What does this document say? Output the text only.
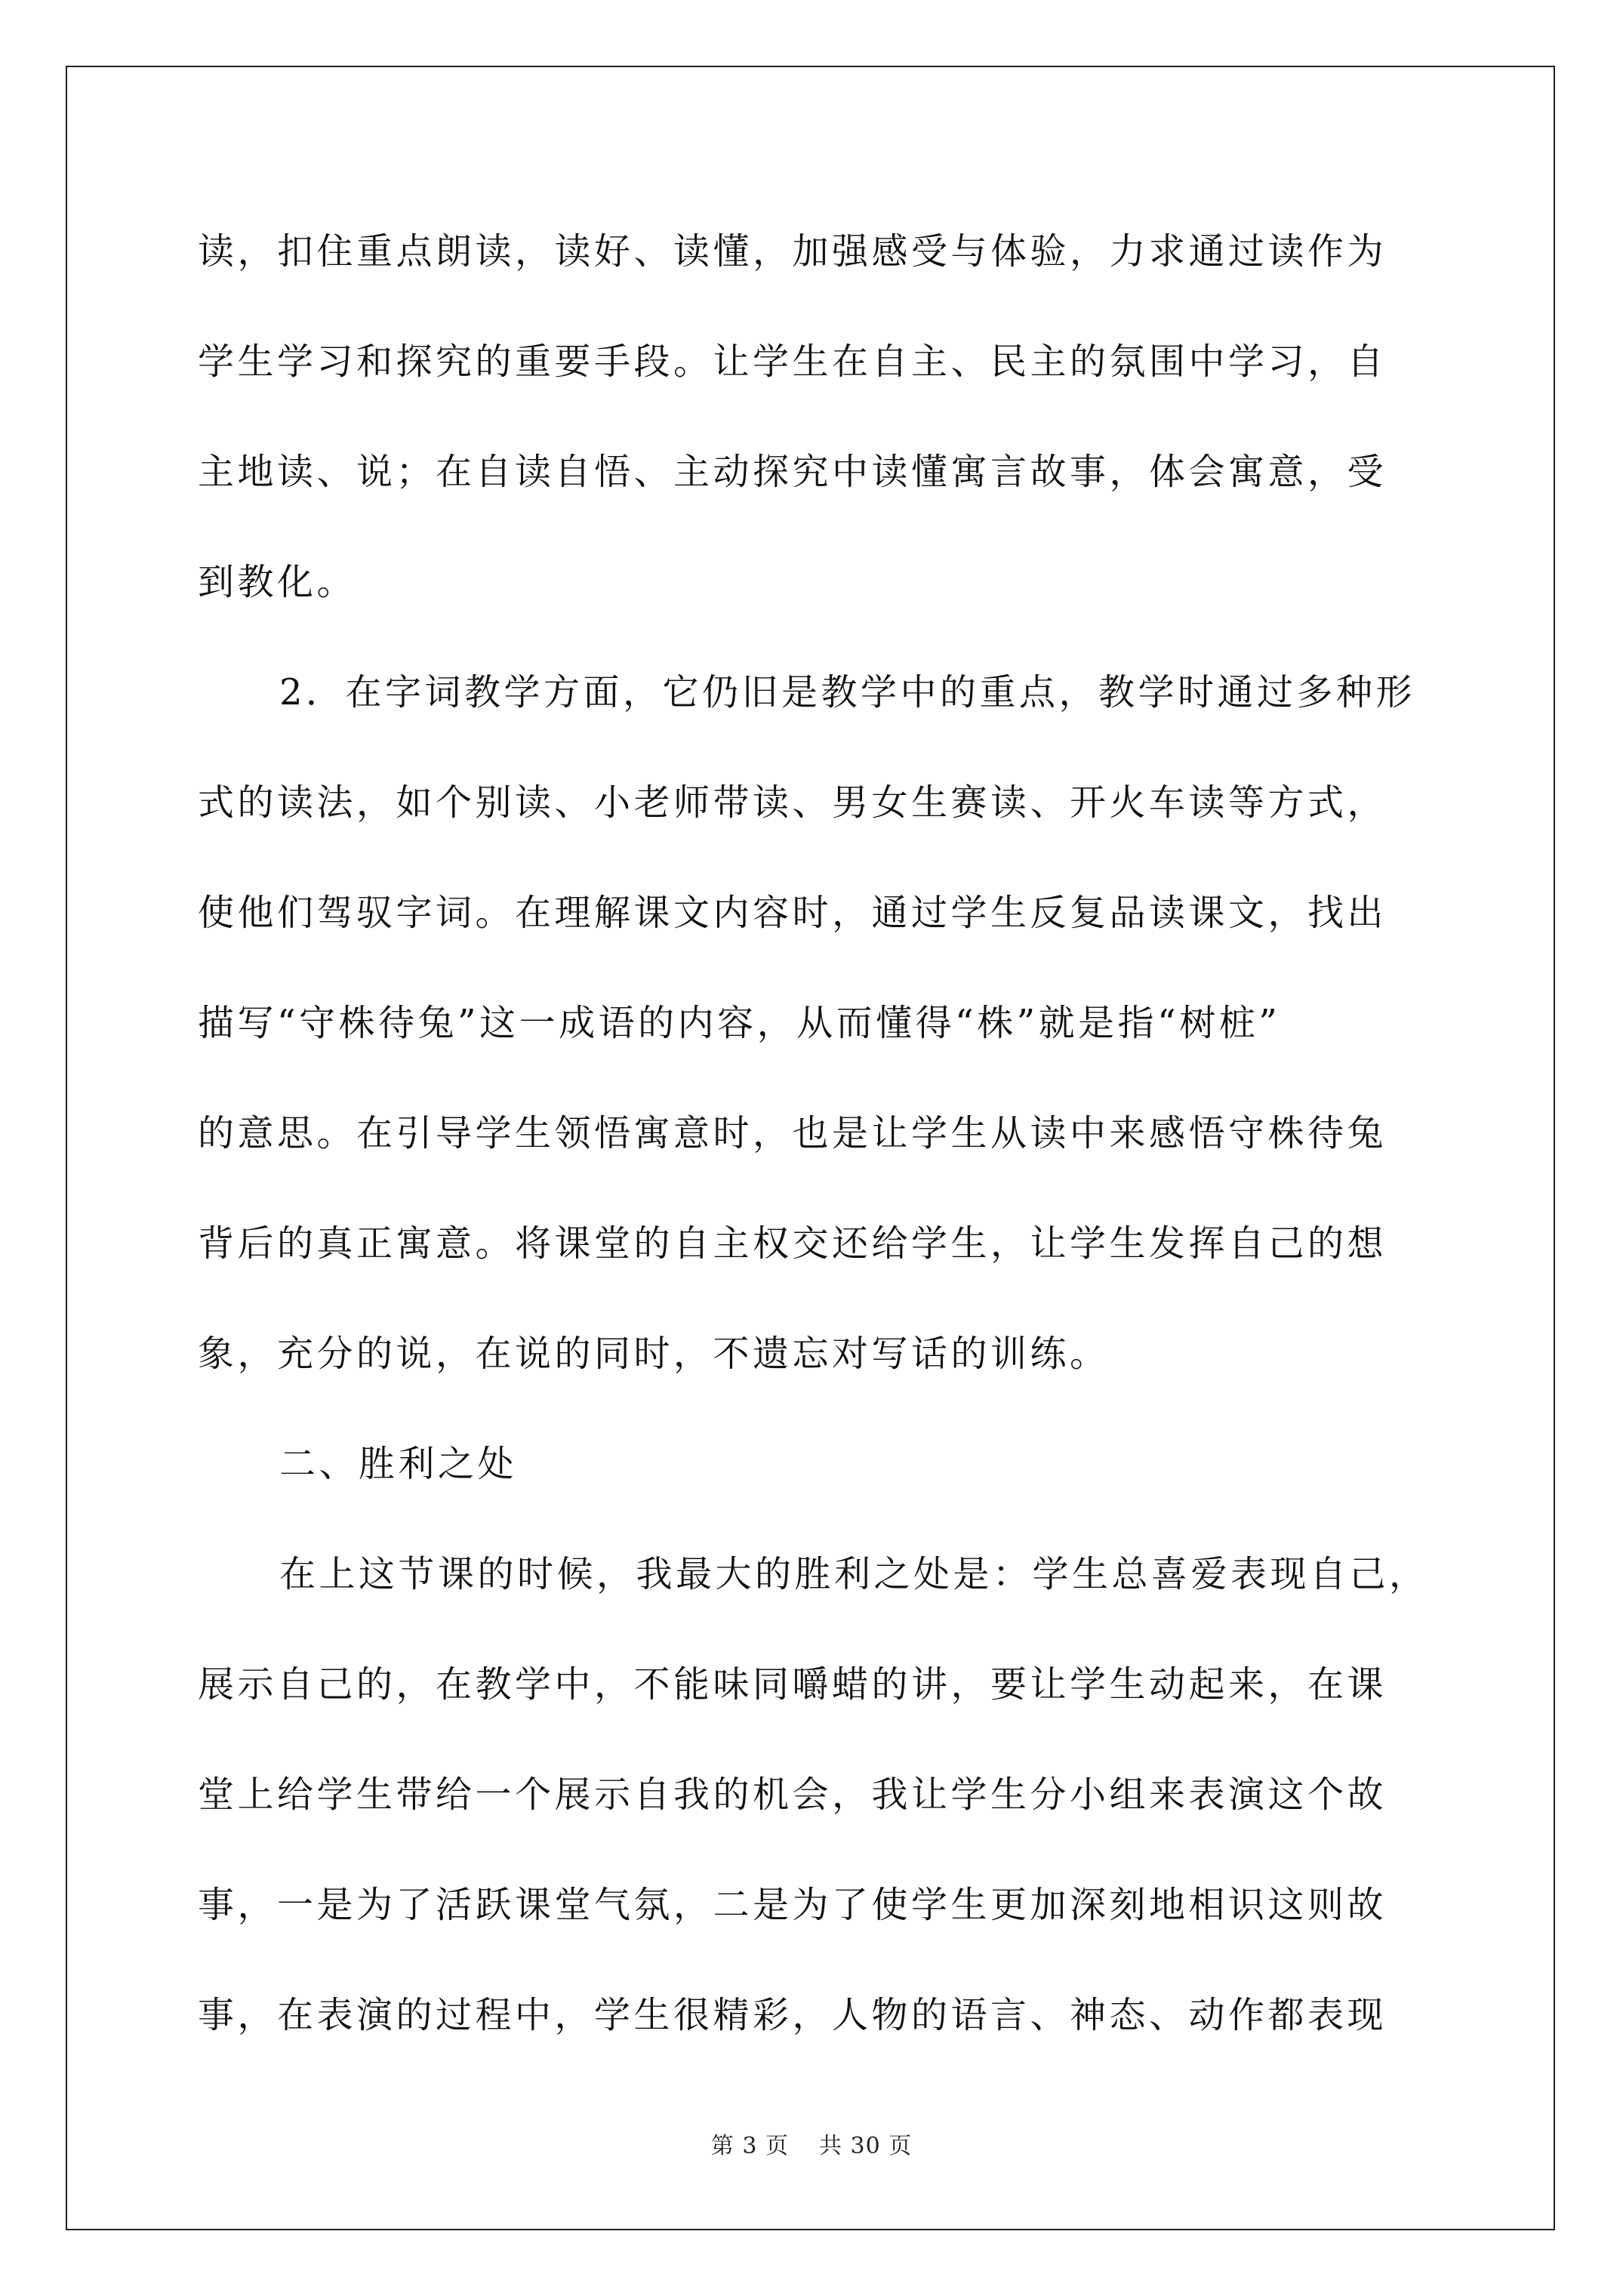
读，扣住重点朗读，读好、读懂，加强感受与体验，力求通过读作为
学生学习和探究的重要手段。让学生在自主、民主的氛围中学习，自
主地读、说；在自读自悟、主动探究中读懂寓言故事，体会寓意，受
到教化。
2．在字词教学方面，它仍旧是教学中的重点，教学时通过多种形
式的读法，如个别读、小老师带读、男女生赛读、开火车读等方式，
使他们驾驭字词。在理解课文内容时，通过学生反复品读课文，找出
描写“守株待兔”这一成语的内容，从而懂得“株”就是指“树桩”
的意思。在引导学生领悟寓意时，也是让学生从读中来感悟守株待兔
背后的真正寓意。将课堂的自主权交还给学生，让学生发挥自己的想
象，充分的说，在说的同时，不遗忘对写话的训练。
二、胜利之处
在上这节课的时候，我最大的胜利之处是：学生总喜爱表现自己，
展示自己的，在教学中，不能味同嚼蜡的讲，要让学生动起来，在课
堂上给学生带给一个展示自我的机会，我让学生分小组来表演这个故
事，一是为了活跃课堂气氛，二是为了使学生更加深刻地相识这则故
事，在表演的过程中，学生很精彩，人物的语言、神态、动作都表现
第 3 页 共 30 页
